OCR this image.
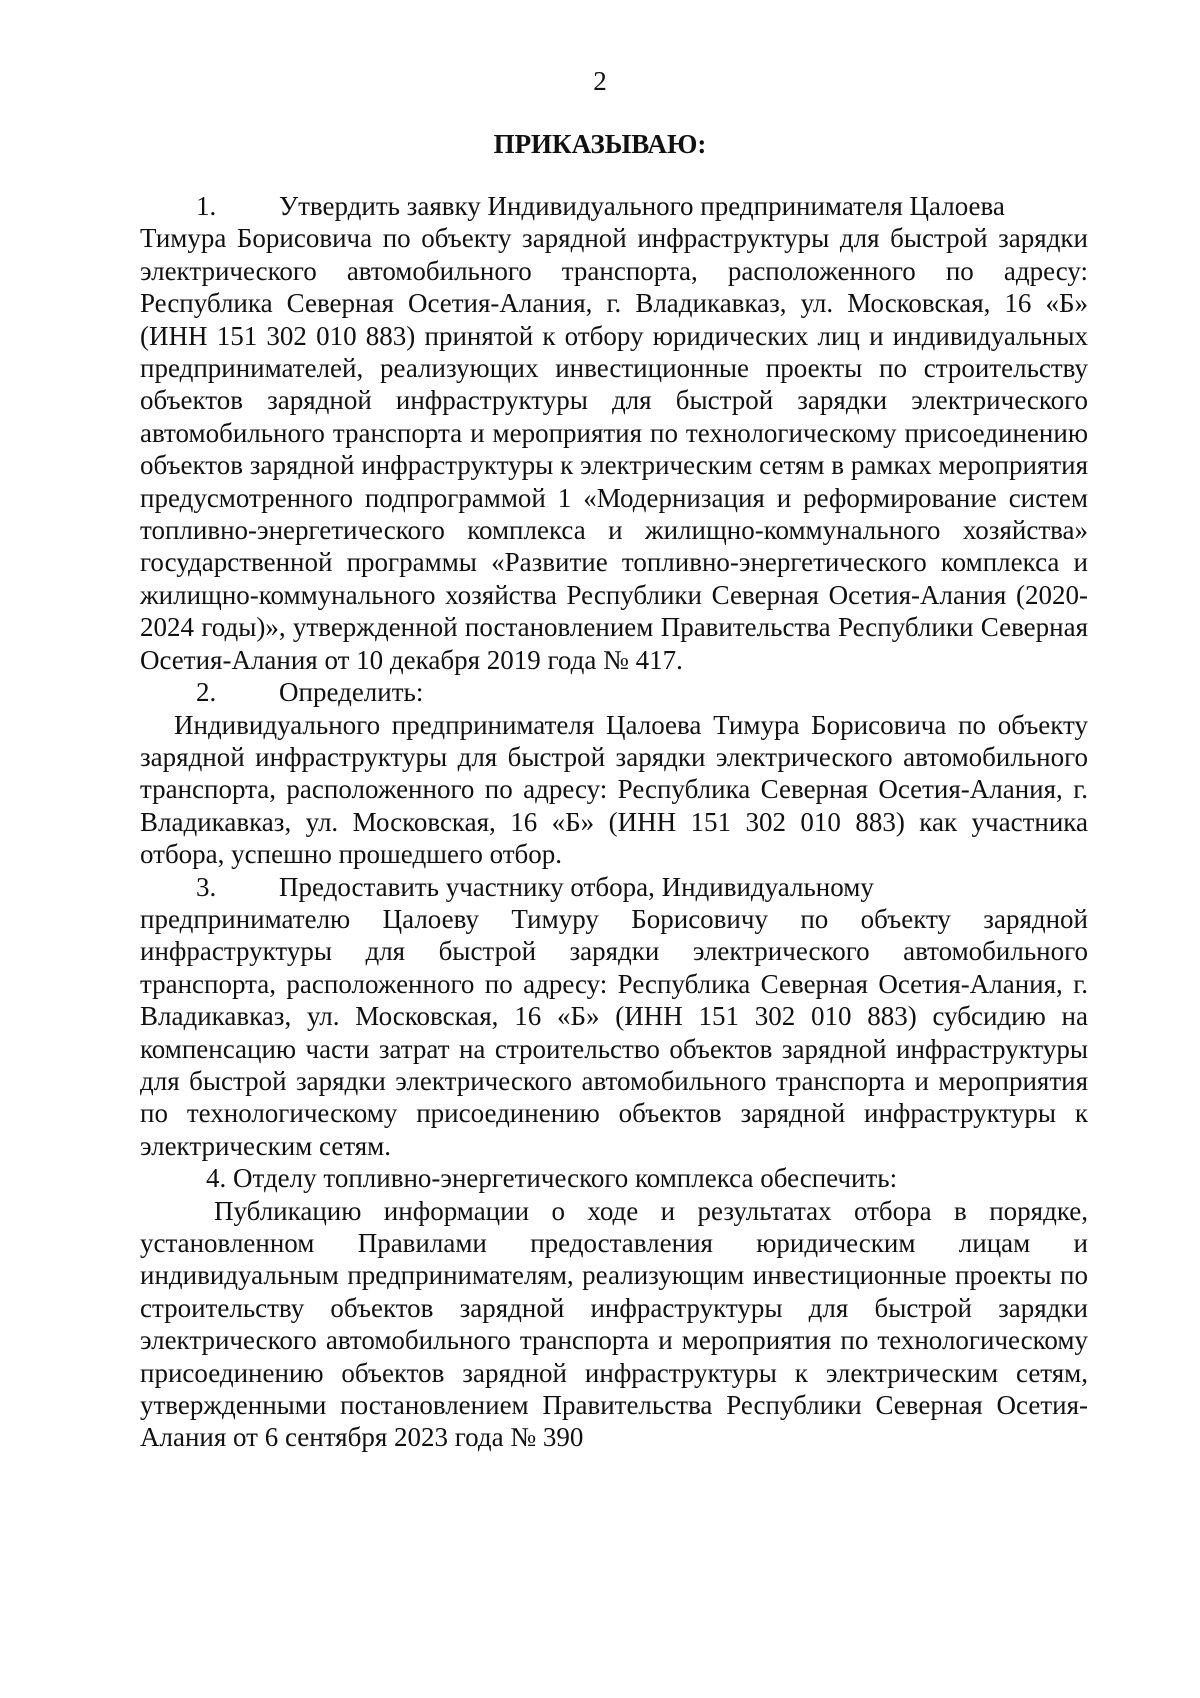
2
ПРИКАЗЫВАЮ:
1.	Утвердить заявку Индивидуального предпринимателя Цалоева

Тимура Борисовича по объекту зарядной инфраструктуры для быстрой зарядки электрического автомобильного транспорта, расположенного по адресу: Республика Северная Осетия-Алания, г. Владикавказ, ул. Московская, 16 «Б» (ИНН 151 302 010 883) принятой к отбору юридических лиц и индивидуальных предпринимателей, реализующих инвестиционные проекты по строительству объектов зарядной инфраструктуры для быстрой зарядки электрического автомобильного транспорта и мероприятия по технологическому присоединению объектов зарядной инфраструктуры к электрическим сетям в рамках мероприятия предусмотренного подпрограммой 1 «Модернизация и реформирование систем топливно-энергетического комплекса и жилищно-коммунального хозяйства» государственной программы «Развитие топливно-энергетического комплекса и жилищно-коммунального хозяйства Республики Северная Осетия-Алания (2020-2024 годы)», утвержденной постановлением Правительства Республики Северная Осетия-Алания от 10 декабря 2019 года № 417.

2.	Определить:

Индивидуального предпринимателя Цалоева Тимура Борисовича по объекту зарядной инфраструктуры для быстрой зарядки электрического автомобильного транспорта, расположенного по адресу: Республика Северная Осетия-Алания, г. Владикавказ, ул. Московская, 16 «Б» (ИНН 151 302 010 883) как участника отбора, успешно прошедшего отбор.

3.	Предоставить участнику отбора, Индивидуальному

предпринимателю Цалоеву Тимуру Борисовичу по объекту зарядной инфраструктуры для быстрой зарядки электрического автомобильного транспорта, расположенного по адресу: Республика Северная Осетия-Алания, г. Владикавказ, ул. Московская, 16 «Б» (ИНН 151 302 010 883) субсидию на компенсацию части затрат на строительство объектов зарядной инфраструктуры для быстрой зарядки электрического автомобильного транспорта и мероприятия по технологическому присоединению объектов зарядной инфраструктуры к электрическим сетям.

4. Отделу топливно-энергетического комплекса обеспечить:

Публикацию информации о ходе и результатах отбора в порядке, установленном Правилами предоставления юридическим лицам и индивидуальным предпринимателям, реализующим инвестиционные проекты по строительству объектов зарядной инфраструктуры для быстрой зарядки электрического автомобильного транспорта и мероприятия по технологическому присоединению объектов зарядной инфраструктуры к электрическим сетям, утвержденными постановлением Правительства Республики Северная Осетия-Алания от 6 сентября 2023 года № 390
